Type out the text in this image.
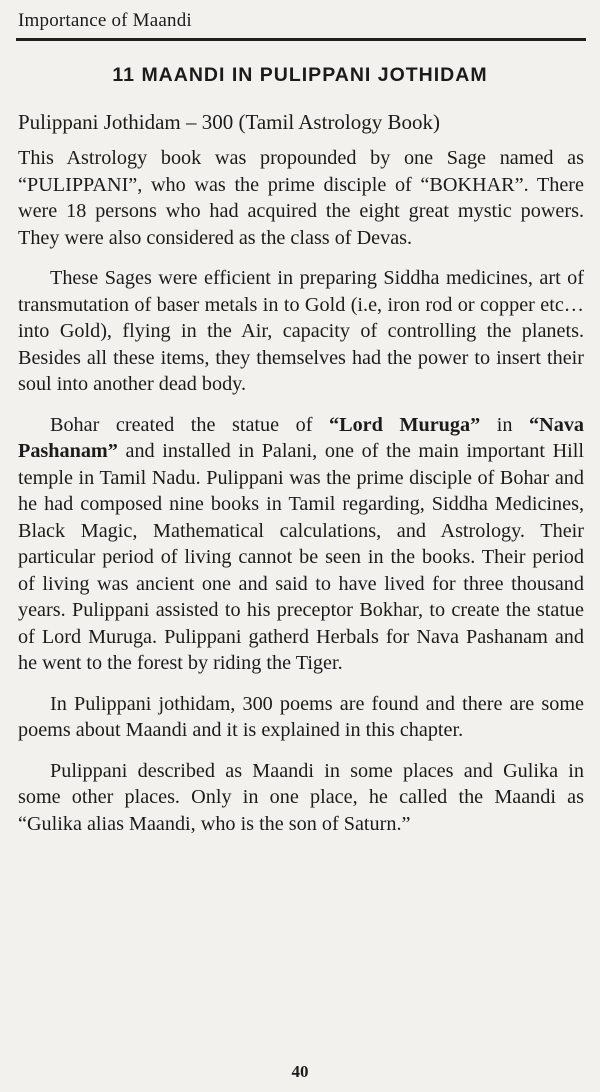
Importance of Maandi
11 MAANDI IN PULIPPANI JOTHIDAM
Pulippani Jothidam – 300 (Tamil Astrology Book)

This Astrology book was propounded by one Sage named as “PULIPPANI”, who was the prime disciple of “BOKHAR”. There were 18 persons who had acquired the eight great mystic powers. They were also considered as the class of Devas.

These Sages were efficient in preparing Siddha medicines, art of transmutation of baser metals in to Gold (i.e, iron rod or copper etc… into Gold), flying in the Air, capacity of controlling the planets. Besides all these items, they themselves had the power to insert their soul into another dead body.

Bohar created the statue of “Lord Muruga” in “Nava Pashanam” and installed in Palani, one of the main important Hill temple in Tamil Nadu. Pulippani was the prime disciple of Bohar and he had composed nine books in Tamil regarding, Siddha Medicines, Black Magic, Mathematical calculations, and Astrology. Their particular period of living cannot be seen in the books. Their period of living was ancient one and said to have lived for three thousand years. Pulippani assisted to his preceptor Bokhar, to create the statue of Lord Muruga. Pulippani gatherd Herbals for Nava Pashanam and he went to the forest by riding the Tiger.

In Pulippani jothidam, 300 poems are found and there are some poems about Maandi and it is explained in this chapter.

Pulippani described as Maandi in some places and Gulika in some other places. Only in one place, he called the Maandi as “Gulika alias Maandi, who is the son of Saturn.”

40
